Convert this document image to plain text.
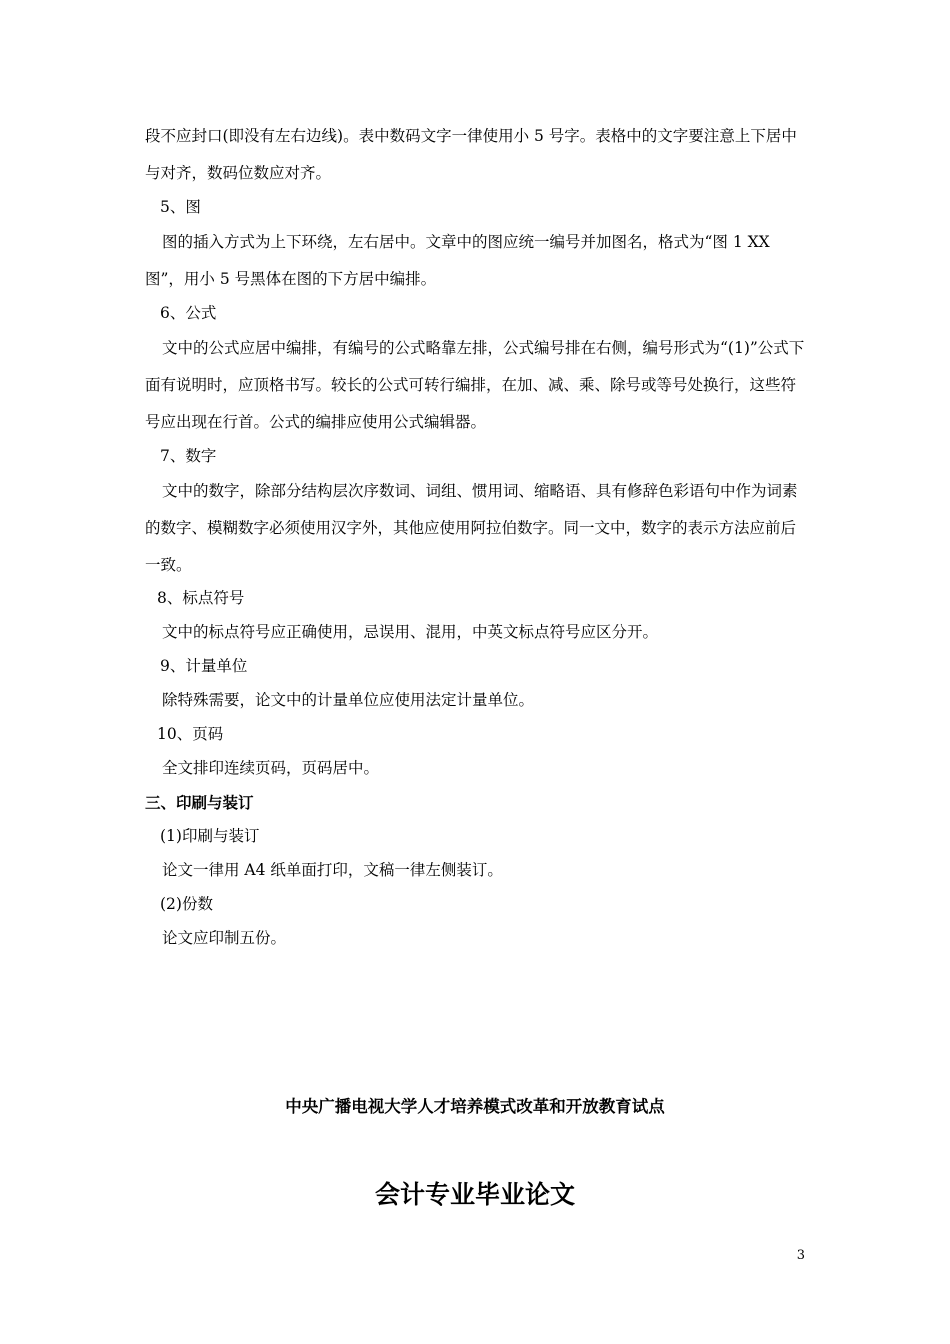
段不应封口(即没有左右边线)。表中数码文字一律使用小 5 号字。表格中的文字要注意上下居中与对齐，数码位数应对齐。
5、图
图的插入方式为上下环绕，左右居中。文章中的图应统一编号并加图名，格式为“图 1 XX 图”，用小 5 号黑体在图的下方居中编排。
6、公式
文中的公式应居中编排，有编号的公式略靠左排，公式编号排在右侧，编号形式为“(1)”公式下面有说明时，应顶格书写。较长的公式可转行编排，在加、减、乘、除号或等号处换行，这些符号应出现在行首。公式的编排应使用公式编辑器。
7、数字
文中的数字，除部分结构层次序数词、词组、惯用词、缩略语、具有修辞色彩语句中作为词素的数字、模糊数字必须使用汉字外，其他应使用阿拉伯数字。同一文中，数字的表示方法应前后一致。
8、标点符号
文中的标点符号应正确使用，忌误用、混用，中英文标点符号应区分开。
9、计量单位
除特殊需要，论文中的计量单位应使用法定计量单位。
10、页码
全文排印连续页码，页码居中。
三、印刷与装订
(1)印刷与装订
论文一律用 A4 纸单面打印，文稿一律左侧装订。
(2)份数
论文应印制五份。
中央广播电视大学人才培养模式改革和开放教育试点
会计专业毕业论文
3
